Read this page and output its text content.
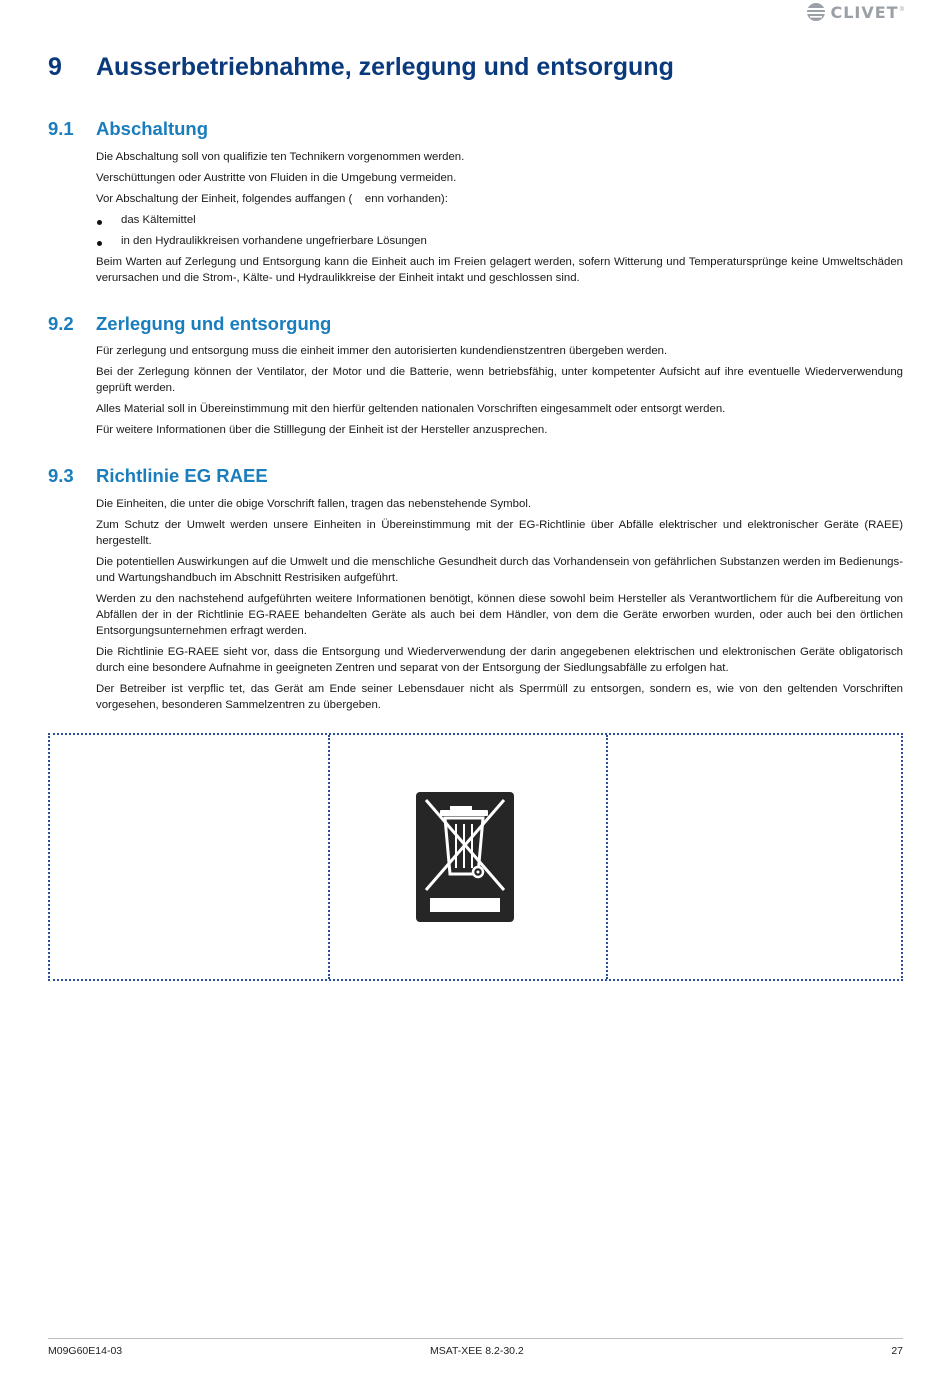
CLIVET ®
9	Ausserbetriebnahme, zerlegung und entsorgung
9.1	Abschaltung

Die Abschaltung soll von qualifizie ten Technikern vorgenommen werden.

Verschüttungen oder Austritte von Fluiden in die Umgebung vermeiden.

Vor Abschaltung der Einheit, folgendes auffangen (    enn vorhanden):

das Kältemittel
in den Hydraulikkreisen vorhandene ungefrierbare Lösungen

Beim Warten auf Zerlegung und Entsorgung kann die Einheit auch im Freien gelagert werden, sofern Witterung und Temperatursprünge keine Umweltschäden verursachen und die Strom-, Kälte- und Hydraulikkreise der Einheit intakt und geschlossen sind.

9.2	Zerlegung und entsorgung

Für zerlegung und entsorgung muss die einheit immer den autorisierten kundendienstzentren übergeben werden.

Bei der Zerlegung können der Ventilator, der Motor und die Batterie, wenn betriebsfähig, unter kompetenter Aufsicht auf ihre eventuelle Wiederverwendung geprüft werden.

Alles Material soll in Übereinstimmung mit den hierfür geltenden nationalen Vorschriften eingesammelt oder entsorgt werden.

Für weitere Informationen über die Stilllegung der Einheit ist der Hersteller anzusprechen.

9.3	Richtlinie EG RAEE

Die Einheiten, die unter die obige Vorschrift fallen, tragen das nebenstehende Symbol.

Zum Schutz der Umwelt werden unsere Einheiten in Übereinstimmung mit der EG-Richtlinie über Abfälle elektrischer und elektronischer Geräte (RAEE) hergestellt.

Die potentiellen Auswirkungen auf die Umwelt und die menschliche Gesundheit durch das Vorhandensein von gefährlichen Substanzen werden im Bedienungs- und Wartungshandbuch im Abschnitt Restrisiken aufgeführt.

Werden zu den nachstehend aufgeführten weitere Informationen benötigt, können diese sowohl beim Hersteller als Verantwortlichem für die Aufbereitung von Abfällen der in der Richtlinie EG-RAEE behandelten Geräte als auch bei dem Händler, von dem die Geräte erworben wurden, oder auch bei den örtlichen Entsorgungsunternehmen erfragt werden.

Die Richtlinie EG-RAEE sieht vor, dass die Entsorgung und Wiederverwendung der darin angegebenen elektrischen und elektronischen Geräte obligatorisch durch eine besondere Aufnahme in geeigneten Zentren und separat von der Entsorgung der Siedlungsabfälle zu erfolgen hat.

Der Betreiber ist verpflic tet, das Gerät am Ende seiner Lebensdauer nicht als Sperrmüll zu entsorgen, sondern es, wie von den geltenden Vorschriften vorgesehen, besonderen Sammelzentren zu übergeben.

M09G60E14-03	MSAT-XEE 8.2-30.2	27
